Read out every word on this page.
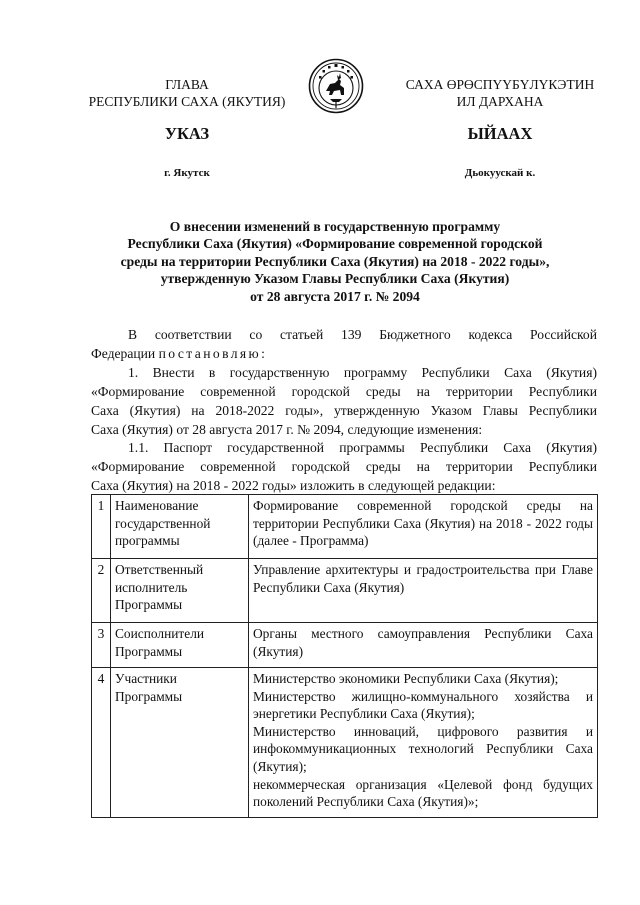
ГЛАВА
РЕСПУБЛИКИ САХА (ЯКУТИЯ)
САХА ӨРӨСПҮҮБҮЛҮКЭТИН
ИЛ ДАРХАНА
УКАЗ	ЫЙААХ
г. Якутск	Дьокуускай к.
О внесении изменений в государственную программу
Республики Саха (Якутия) «Формирование современной городской
среды на территории Республики Саха (Якутия) на 2018 - 2022 годы»,
утвержденную Указом Главы Республики Саха (Якутия)
от 28 августа 2017 г. № 2094
В соответствии со статьей 139 Бюджетного кодекса Российской
Федерации постановляю:
1. Внести в государственную программу Республики Саха (Якутия)
«Формирование современной городской среды на территории Республики
Саха (Якутия) на 2018-2022 годы», утвержденную Указом Главы Республики
Саха (Якутия) от 28 августа 2017 г. № 2094, следующие изменения:
1.1. Паспорт государственной программы Республики Саха (Якутия)
«Формирование современной городской среды на территории Республики
Саха (Якутия) на 2018 - 2022 годы» изложить в следующей редакции:
1	Наименование государственной программы	Формирование современной городской среды на территории Республики Саха (Якутия) на 2018 - 2022 годы (далее - Программа)
2	Ответственный исполнитель Программы	Управление архитектуры и градостроительства при Главе Республики Саха (Якутия)
3	Соисполнители Программы	Органы местного самоуправления Республики Саха (Якутия)
4	Участники Программы	Министерство экономики Республики Саха (Якутия);
Министерство жилищно-коммунального хозяйства и энергетики Республики Саха (Якутия);
Министерство инноваций, цифрового развития и инфокоммуникационных технологий Республики Саха (Якутия);
некоммерческая организация «Целевой фонд будущих поколений Республики Саха (Якутия)»;
